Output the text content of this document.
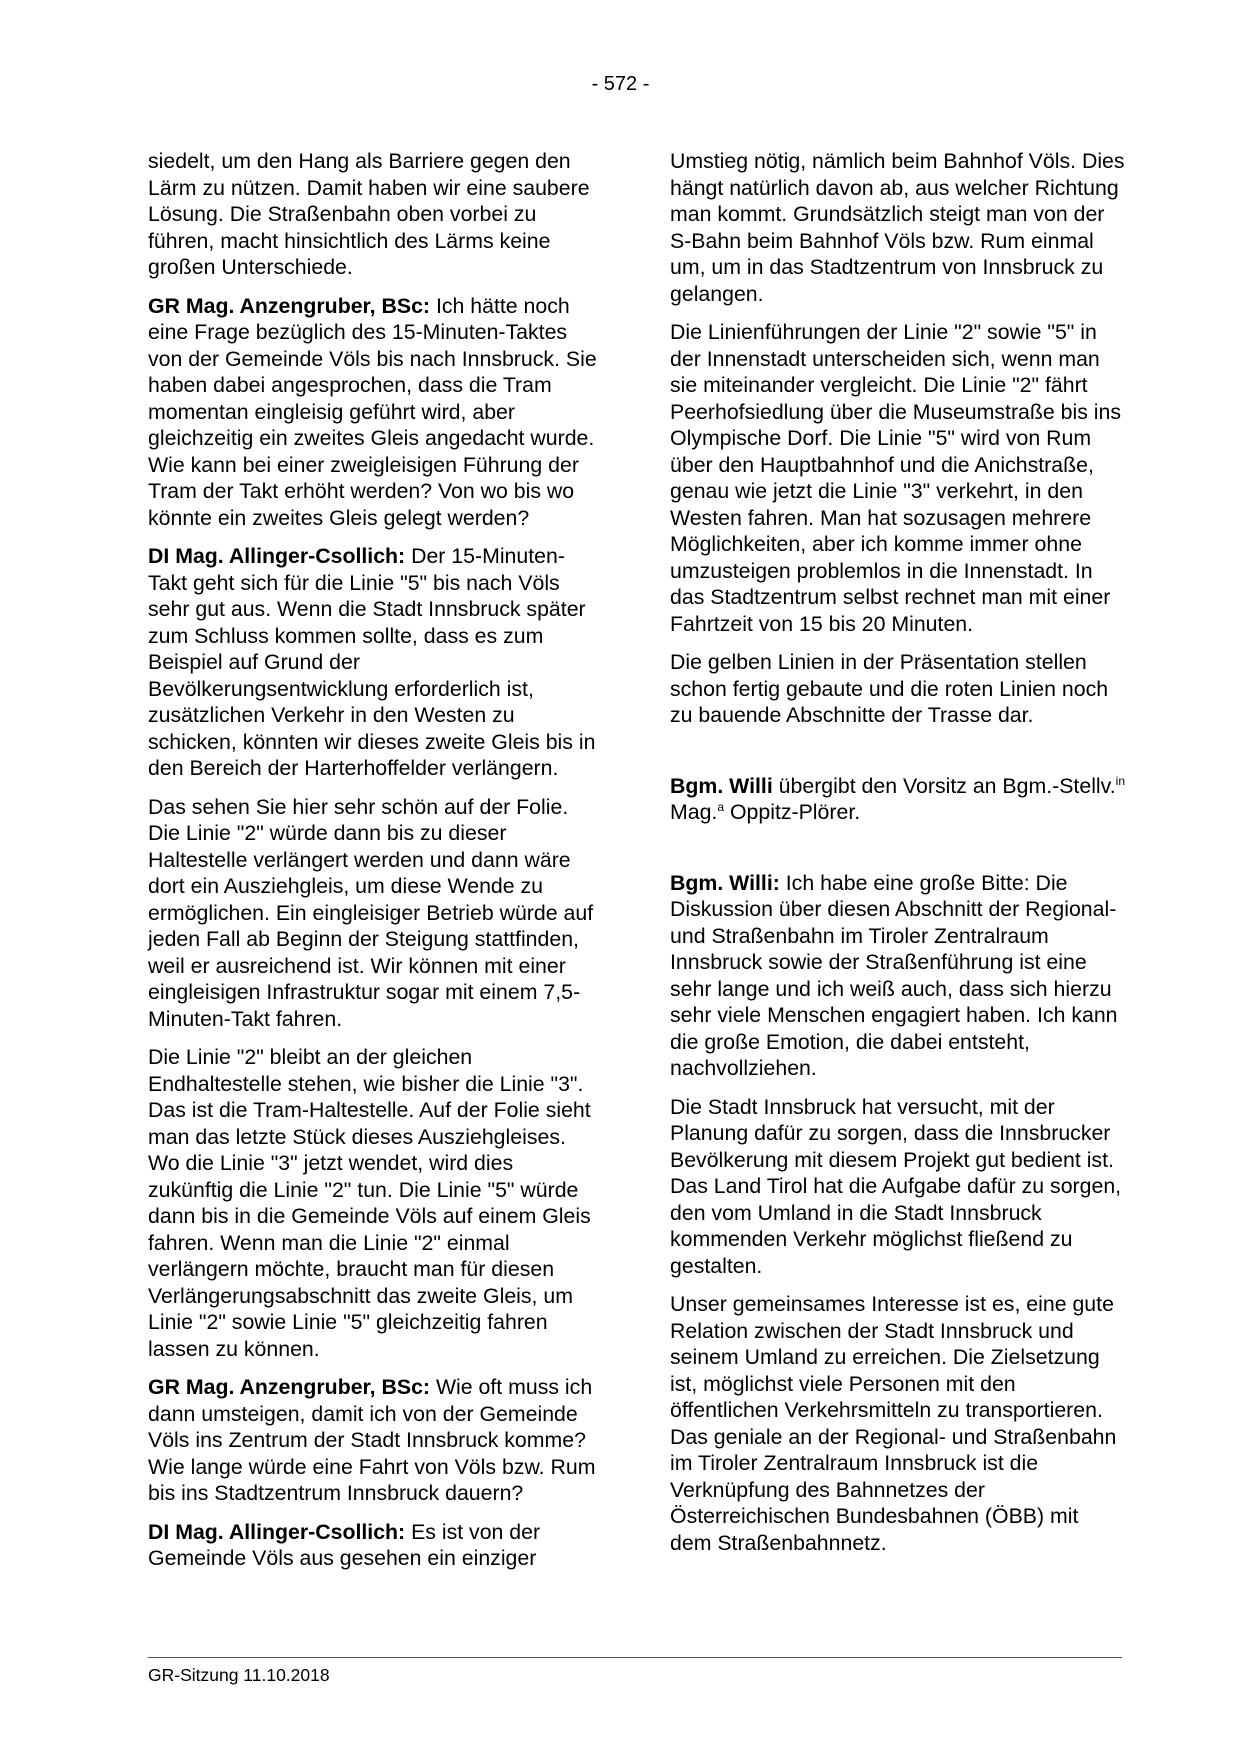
- 572 -

siedelt, um den Hang als Barriere gegen den Lärm zu nützen. Damit haben wir eine saubere Lösung. Die Straßenbahn oben vorbei zu führen, macht hinsichtlich des Lärms keine großen Unterschiede.

GR Mag. Anzengruber, BSc: Ich hätte noch eine Frage bezüglich des 15-Minuten-Taktes von der Gemeinde Völs bis nach Innsbruck. Sie haben dabei angesprochen, dass die Tram momentan eingleisig geführt wird, aber gleichzeitig ein zweites Gleis angedacht wurde. Wie kann bei einer zweigleisigen Führung der Tram der Takt erhöht werden? Von wo bis wo könnte ein zweites Gleis gelegt werden?

DI Mag. Allinger-Csollich: Der 15-Minuten-Takt geht sich für die Linie "5" bis nach Völs sehr gut aus. Wenn die Stadt Innsbruck später zum Schluss kommen sollte, dass es zum Beispiel auf Grund der Bevölkerungsentwicklung erforderlich ist, zusätzlichen Verkehr in den Westen zu schicken, könnten wir dieses zweite Gleis bis in den Bereich der Harterhoffelder verlängern.

Das sehen Sie hier sehr schön auf der Folie. Die Linie "2" würde dann bis zu dieser Haltestelle verlängert werden und dann wäre dort ein Ausziehgleis, um diese Wende zu ermöglichen. Ein eingleisiger Betrieb würde auf jeden Fall ab Beginn der Steigung stattfinden, weil er ausreichend ist. Wir können mit einer eingleisigen Infrastruktur sogar mit einem 7,5-Minuten-Takt fahren.

Die Linie "2" bleibt an der gleichen Endhaltestelle stehen, wie bisher die Linie "3". Das ist die Tram-Haltestelle. Auf der Folie sieht man das letzte Stück dieses Ausziehgleises. Wo die Linie "3" jetzt wendet, wird dies zukünftig die Linie "2" tun. Die Linie "5" würde dann bis in die Gemeinde Völs auf einem Gleis fahren. Wenn man die Linie "2" einmal verlängern möchte, braucht man für diesen Verlängerungsabschnitt das zweite Gleis, um Linie "2" sowie Linie "5" gleichzeitig fahren lassen zu können.

GR Mag. Anzengruber, BSc: Wie oft muss ich dann umsteigen, damit ich von der Gemeinde Völs ins Zentrum der Stadt Innsbruck komme? Wie lange würde eine Fahrt von Völs bzw. Rum bis ins Stadtzentrum Innsbruck dauern?

DI Mag. Allinger-Csollich: Es ist von der Gemeinde Völs aus gesehen ein einziger

Umstieg nötig, nämlich beim Bahnhof Völs. Dies hängt natürlich davon ab, aus welcher Richtung man kommt. Grundsätzlich steigt man von der S-Bahn beim Bahnhof Völs bzw. Rum einmal um, um in das Stadtzentrum von Innsbruck zu gelangen.

Die Linienführungen der Linie "2" sowie "5" in der Innenstadt unterscheiden sich, wenn man sie miteinander vergleicht. Die Linie "2" fährt Peerhofsiedlung über die Museumstraße bis ins Olympische Dorf. Die Linie "5" wird von Rum über den Hauptbahnhof und die Anichstraße, genau wie jetzt die Linie "3" verkehrt, in den Westen fahren. Man hat sozusagen mehrere Möglichkeiten, aber ich komme immer ohne umzusteigen problemlos in die Innenstadt. In das Stadtzentrum selbst rechnet man mit einer Fahrtzeit von 15 bis 20 Minuten.

Die gelben Linien in der Präsentation stellen schon fertig gebaute und die roten Linien noch zu bauende Abschnitte der Trasse dar.

Bgm. Willi übergibt den Vorsitz an Bgm.-Stellv.$^{in}$ Mag.$^a$ Oppitz-Plörer.

Bgm. Willi: Ich habe eine große Bitte: Die Diskussion über diesen Abschnitt der Regional- und Straßenbahn im Tiroler Zentralraum Innsbruck sowie der Straßenführung ist eine sehr lange und ich weiß auch, dass sich hierzu sehr viele Menschen engagiert haben. Ich kann die große Emotion, die dabei entsteht, nachvollziehen.

Die Stadt Innsbruck hat versucht, mit der Planung dafür zu sorgen, dass die Innsbrucker Bevölkerung mit diesem Projekt gut bedient ist. Das Land Tirol hat die Aufgabe dafür zu sorgen, den vom Umland in die Stadt Innsbruck kommenden Verkehr möglichst fließend zu gestalten.

Unser gemeinsames Interesse ist es, eine gute Relation zwischen der Stadt Innsbruck und seinem Umland zu erreichen. Die Zielsetzung ist, möglichst viele Personen mit den öffentlichen Verkehrsmitteln zu transportieren. Das geniale an der Regional- und Straßenbahn im Tiroler Zentralraum Innsbruck ist die Verknüpfung des Bahnnetzes der Österreichischen Bundesbahnen (ÖBB) mit dem Straßenbahnnetz.

GR-Sitzung 11.10.2018
